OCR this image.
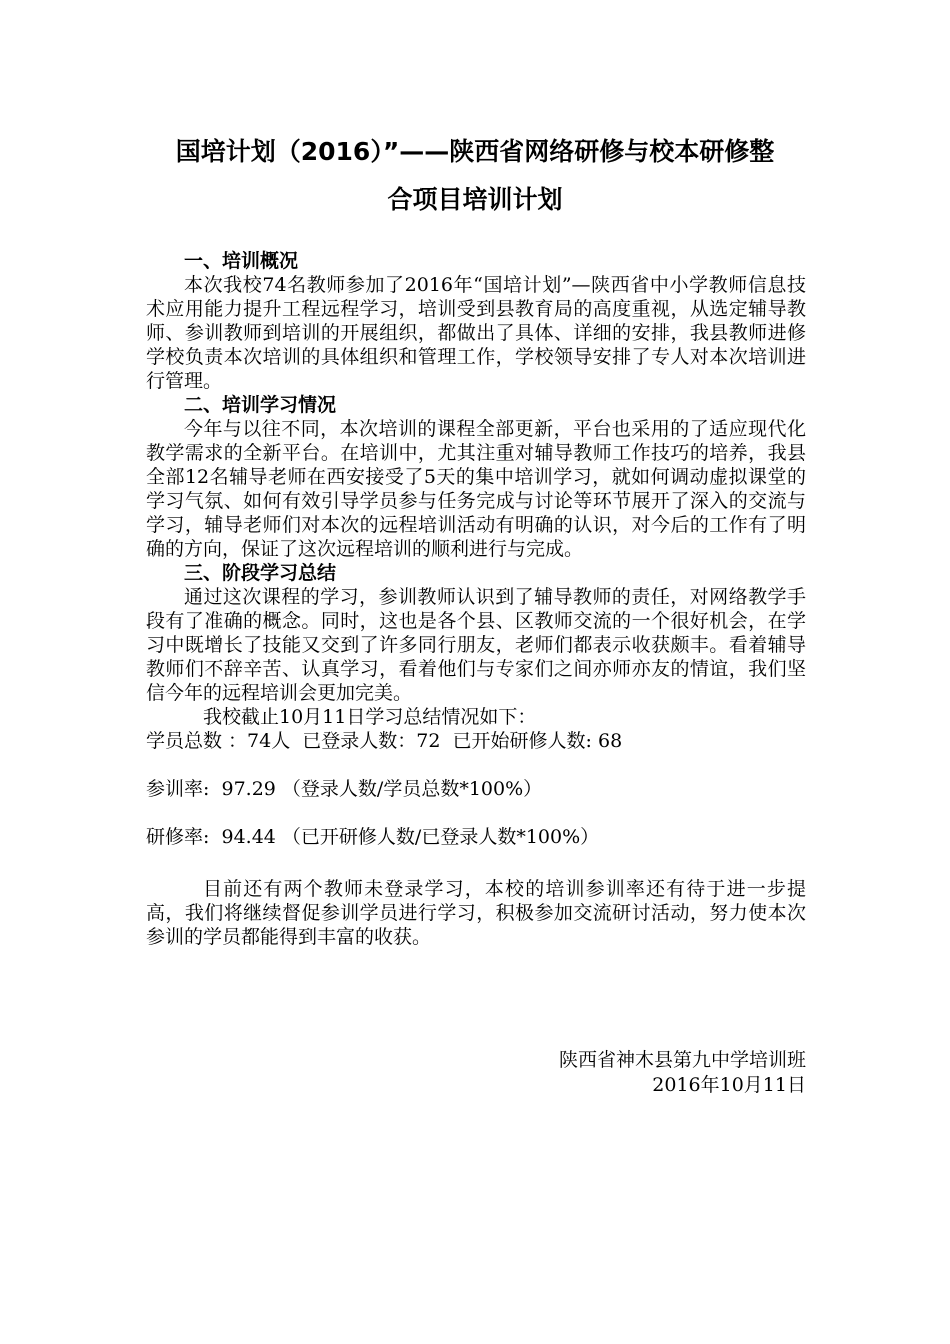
国培计划（2016）”——陕西省网络研修与校本研修整
合项目培训计划

一、培训概况

本次我校74名教师参加了2016年“国培计划”—陕西省中小学教师信息技术应用能力提升工程远程学习，培训受到县教育局的高度重视，从选定辅导教师、参训教师到培训的开展组织，都做出了具体、详细的安排，我县教师进修学校负责本次培训的具体组织和管理工作，学校领导安排了专人对本次培训进行管理。

二、培训学习情况

今年与以往不同，本次培训的课程全部更新，平台也采用的了适应现代化教学需求的全新平台。在培训中，尤其注重对辅导教师工作技巧的培养，我县全部12名辅导老师在西安接受了5天的集中培训学习，就如何调动虚拟课堂的学习气氛、如何有效引导学员参与任务完成与讨论等环节展开了深入的交流与学习，辅导老师们对本次的远程培训活动有明确的认识，对今后的工作有了明确的方向，保证了这次远程培训的顺利进行与完成。

三、阶段学习总结

通过这次课程的学习，参训教师认识到了辅导教师的责任，对网络教学手段有了准确的概念。同时，这也是各个县、区教师交流的一个很好机会，在学习中既增长了技能又交到了许多同行朋友，老师们都表示收获颇丰。看着辅导教师们不辞辛苦、认真学习，看着他们与专家们之间亦师亦友的情谊，我们坚信今年的远程培训会更加完美。

我校截止10月11日学习总结情况如下：

学员总数 ：74人  已登录人数：72  已开始研修人数: 68

参训率:  97.29 （登录人数/学员总数*100%）

研修率:  94.44 （已开研修人数/已登录人数*100%）

目前还有两个教师未登录学习，本校的培训参训率还有待于进一步提高，我们将继续督促参训学员进行学习，积极参加交流研讨活动，努力使本次参训的学员都能得到丰富的收获。

陕西省神木县第九中学培训班
2016年10月11日
